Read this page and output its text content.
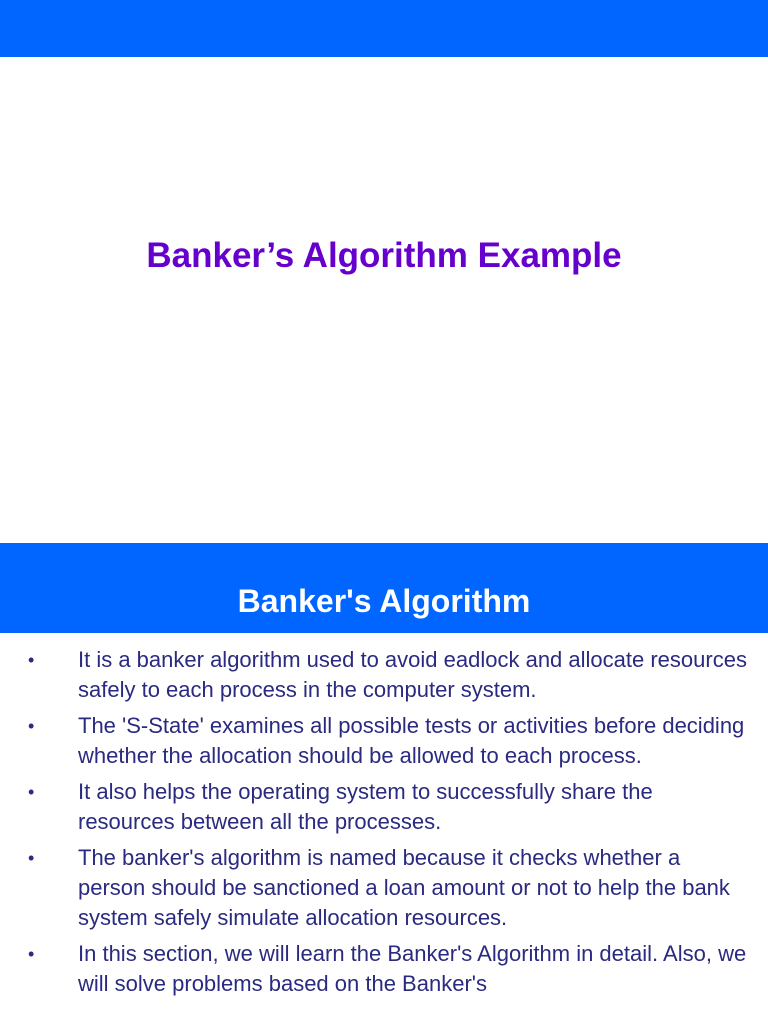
Banker’s Algorithm Example
Banker's Algorithm
• It is a banker algorithm used to avoid eadlock and allocate resources safely to each process in the computer system.
• The 'S-State' examines all possible tests or activities before deciding whether the allocation should be allowed to each process.
• It also helps the operating system to successfully share the resources between all the processes.
• The banker's algorithm is named because it checks whether a person should be sanctioned a loan amount or not to help the bank system safely simulate allocation resources.
• In this section, we will learn the Banker's Algorithm in detail. Also, we will solve problems based on the Banker's
